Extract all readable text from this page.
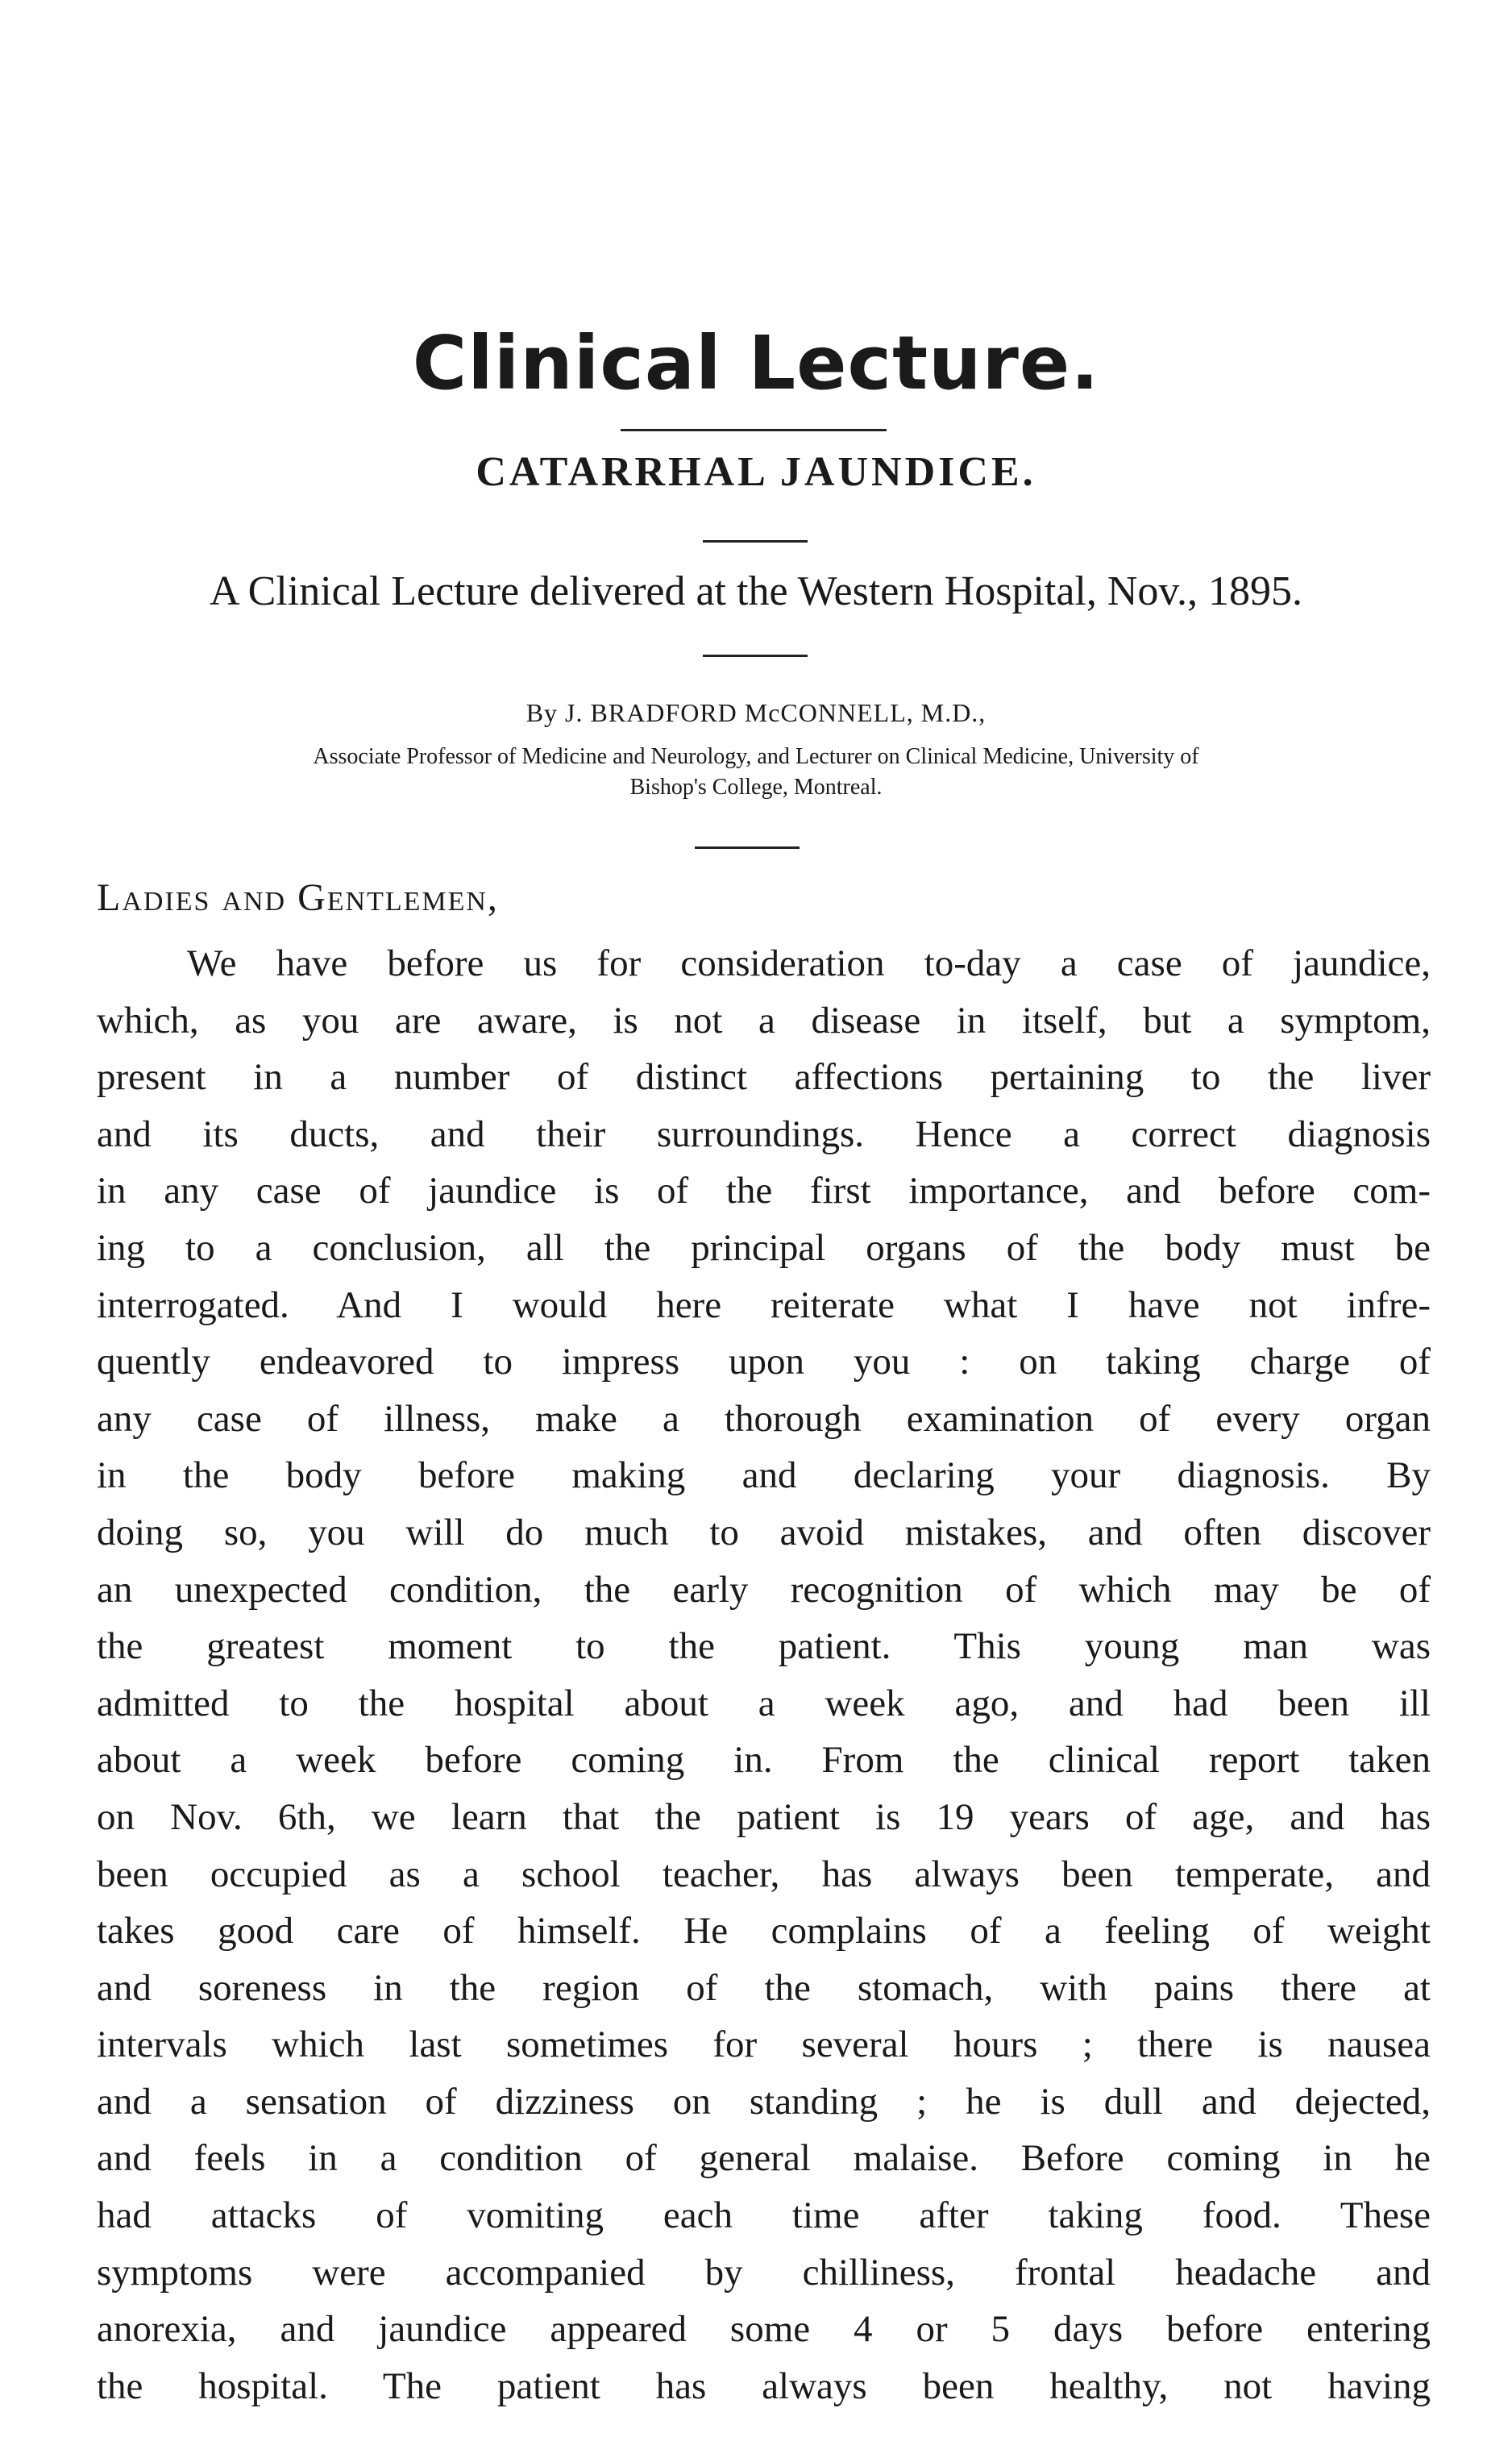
Clinical Lecture.
CATARRHAL JAUNDICE.

A Clinical Lecture delivered at the Western Hospital, Nov., 1895.

By J. BRADFORD McCONNELL, M.D.,

Associate Professor of Medicine and Neurology, and Lecturer on Clinical Medicine, University of
Bishop's College, Montreal.

Ladies and Gentlemen,

We have before us for consideration to-day a case of jaundice,
which, as you are aware, is not a disease in itself, but a symptom,
present in a number of distinct affections pertaining to the liver
and its ducts, and their surroundings. Hence a correct diagnosis
in any case of jaundice is of the first importance, and before com-
ing to a conclusion, all the principal organs of the body must be
interrogated. And I would here reiterate what I have not infre-
quently endeavored to impress upon you : on taking charge of
any case of illness, make a thorough examination of every organ
in the body before making and declaring your diagnosis. By
doing so, you will do much to avoid mistakes, and often discover
an unexpected condition, the early recognition of which may be of
the greatest moment to the patient. This young man was
admitted to the hospital about a week ago, and had been ill
about a week before coming in. From the clinical report taken
on Nov. 6th, we learn that the patient is 19 years of age, and has
been occupied as a school teacher, has always been temperate, and
takes good care of himself. He complains of a feeling of weight
and soreness in the region of the stomach, with pains there at
intervals which last sometimes for several hours ; there is nausea
and a sensation of dizziness on standing ; he is dull and dejected,
and feels in a condition of general malaise. Before coming in he
had attacks of vomiting each time after taking food. These
symptoms were accompanied by chilliness, frontal headache and
anorexia, and jaundice appeared some 4 or 5 days before entering
the hospital. The patient has always been healthy, not having
